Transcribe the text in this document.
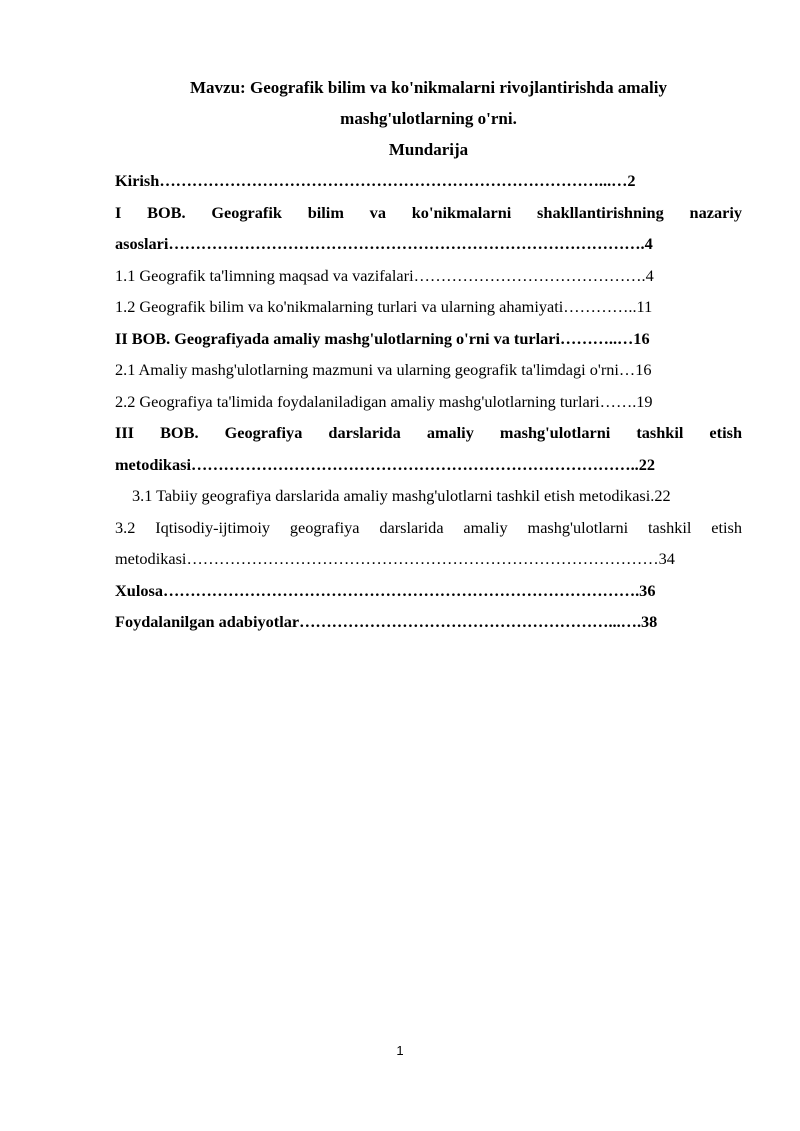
Mavzu: Geografik bilim va ko'nikmalarni rivojlantirishda amaliy
mashg'ulotlarning o'rni.

Mundarija

Kirish………………………………………………………………………...…2
I BOB. Geografik bilim va ko'nikmalarni shakllantirishning nazariy asoslari…………………………………………………………………………….4
1.1 Geografik ta'limning maqsad va vazifalari…………………………………….4
1.2 Geografik bilim va ko'nikmalarning turlari va ularning ahamiyati…………..11
II BOB. Geografiyada amaliy mashg'ulotlarning o'rni va turlari………..…16
2.1 Amaliy mashg'ulotlarning mazmuni va ularning geografik ta'limdagi o'rni…16
2.2 Geografiya ta'limida foydalaniladigan amaliy mashg'ulotlarning turlari…….19
III BOB. Geografiya darslarida amaliy mashg'ulotlarni tashkil etish metodikasi………………………………………………………………………..22
3.1 Tabiiy geografiya darslarida amaliy mashg'ulotlarni tashkil etish metodikasi.22
3.2 Iqtisodiy-ijtimoiy geografiya darslarida amaliy mashg'ulotlarni tashkil etish metodikasi……………………………………………………………………………34
Xulosa…………………………………………………………………………….36
Foydalanilgan adabiyotlar…………………………………………………...….38
1
